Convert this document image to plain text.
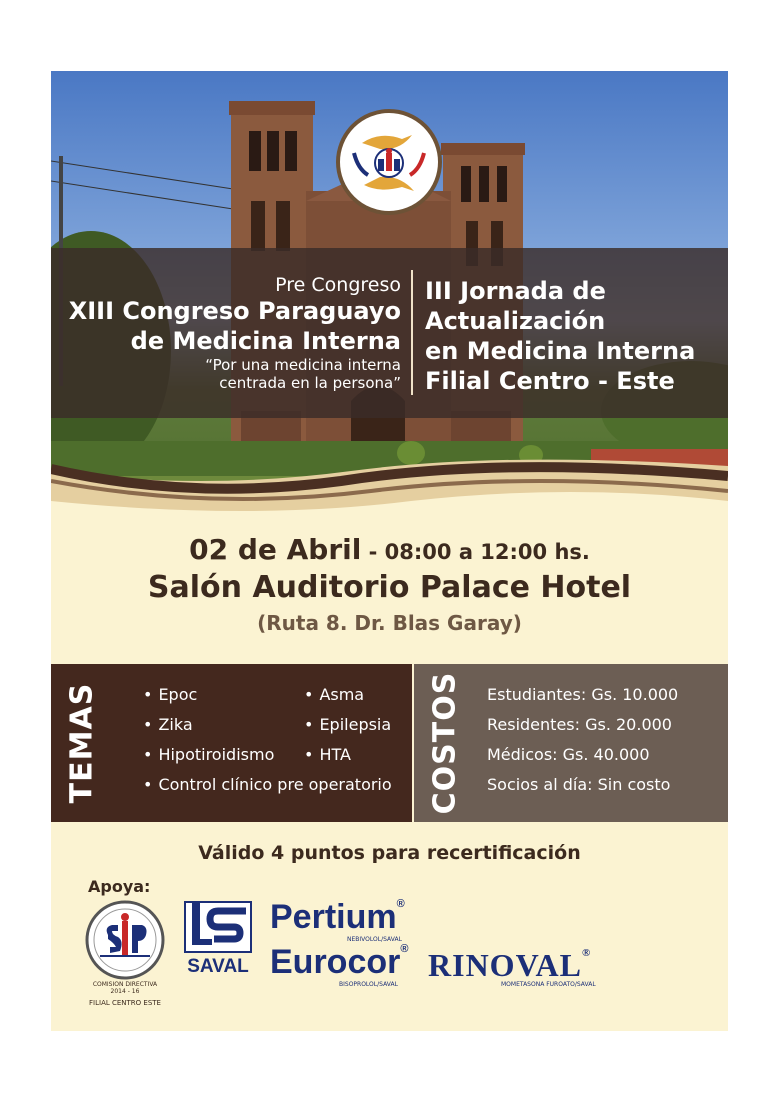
Pre Congreso
XIII Congreso Paraguayo
de Medicina Interna
“Por una medicina interna
centrada en la persona”
III Jornada de
Actualización
en Medicina Interna
Filial Centro - Este
02 de Abril - 08:00 a 12:00 hs.
Salón Auditorio Palace Hotel
(Ruta 8. Dr. Blas Garay)
TEMAS	• Epoc
• Zika
• Hipotiroidismo
• Control clínico pre operatorio
• Asma
• Epilepsia
• HTA	COSTOS Estudiantes: Gs. 10.000
Residentes: Gs. 20.000
Médicos: Gs. 40.000
Socios al día: Sin costo
Válido 4 puntos para recertificación
Apoya:
COMISION DIRECTIVA
2014 - 16
FILIAL CENTRO ESTE
SAVAL
Pertium®
NEBIVOLOL/SAVAL
Eurocor®
BISOPROLOL/SAVAL
RINOVAL®
MOMETASONA FUROATO/SAVAL
